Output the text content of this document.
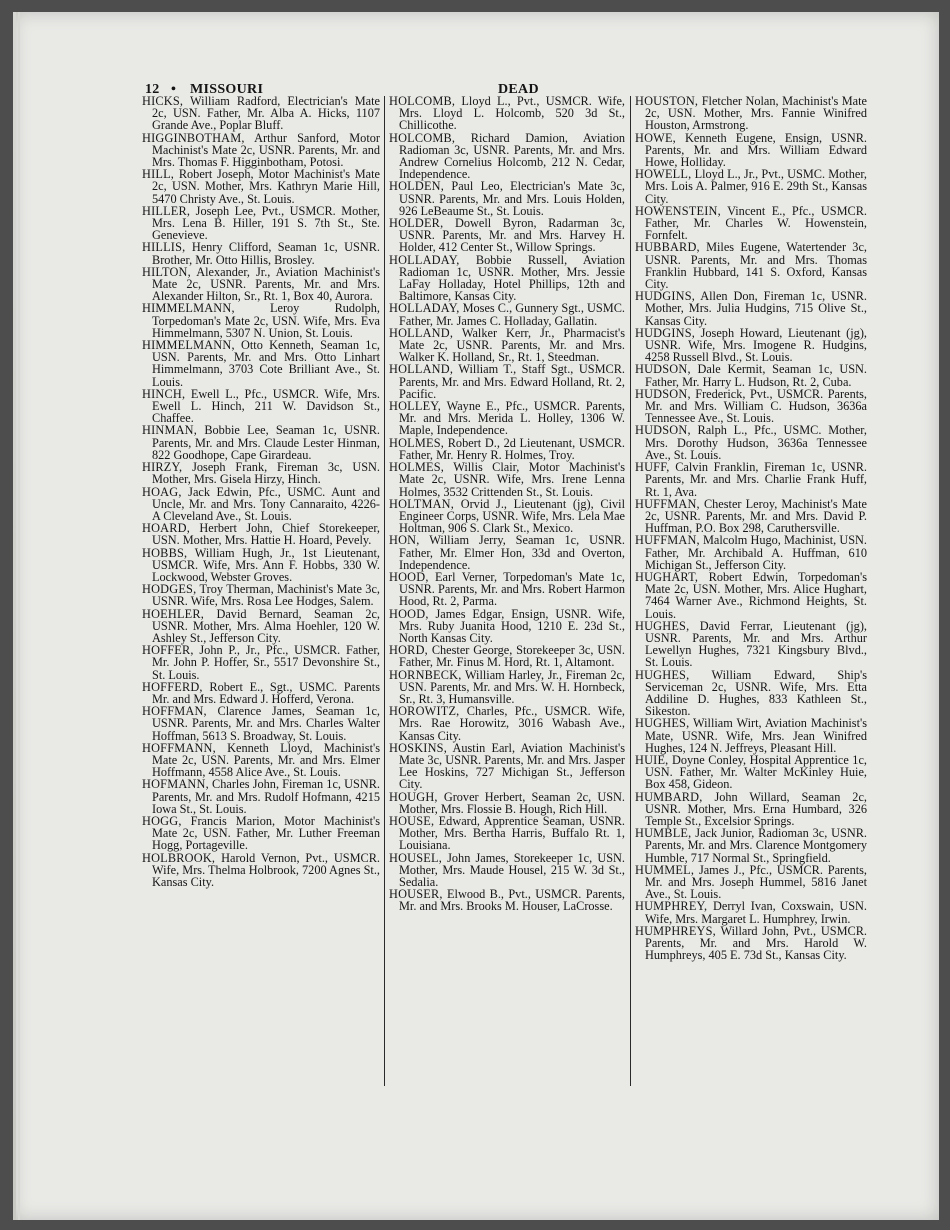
12 • MISSOURI	DEAD

HICKS, William Radford, Electrician's Mate 2c, USN. Father, Mr. Alba A. Hicks, 1107 Grande Ave., Poplar Bluff.

HIGGINBOTHAM, Arthur Sanford, Motor Machinist's Mate 2c, USNR. Parents, Mr. and Mrs. Thomas F. Higginbotham, Potosi.

HILL, Robert Joseph, Motor Machinist's Mate 2c, USN. Mother, Mrs. Kathryn Marie Hill, 5470 Christy Ave., St. Louis.

HILLER, Joseph Lee, Pvt., USMCR. Mother, Mrs. Lena B. Hiller, 191 S. 7th St., Ste. Genevieve.

HILLIS, Henry Clifford, Seaman 1c, USNR. Brother, Mr. Otto Hillis, Brosley.

HILTON, Alexander, Jr., Aviation Machinist's Mate 2c, USNR. Parents, Mr. and Mrs. Alexander Hilton, Sr., Rt. 1, Box 40, Aurora.

HIMMELMANN,	Leroy Rudolph, Torpedoman's Mate 2c, USN. Wife, Mrs. Eva Himmelmann, 5307 N. Union, St. Louis.

HIMMELMANN, Otto Kenneth, Seaman 1c, USN. Parents, Mr. and Mrs. Otto Linhart Himmelmann, 3703 Cote Brilliant Ave., St. Louis.

HINCH, Ewell L., Pfc., USMCR. Wife, Mrs. Ewell L. Hinch, 211 W. Davidson St., Chaffee.

HINMAN, Bobbie Lee, Seaman 1c, USNR. Parents, Mr. and Mrs. Claude Lester Hinman, 822 Goodhope, Cape Girardeau.

HIRZY, Joseph Frank, Fireman 3c, USN. Mother, Mrs. Gisela Hirzy, Hinch.

HOAG, Jack Edwin, Pfc., USMC. Aunt and Uncle, Mr. and Mrs. Tony Cannaraito, 4226-A Cleveland Ave., St. Louis.

HOARD, Herbert John, Chief Storekeeper, USN. Mother, Mrs. Hattie H. Hoard, Pevely.

HOBBS, William Hugh, Jr., 1st Lieutenant, USMCR. Wife, Mrs. Ann F. Hobbs, 330 W. Lockwood, Webster Groves.

HODGES, Troy Therman, Machinist's Mate 3c, USNR. Wife, Mrs. Rosa Lee Hodges, Salem.

HOEHLER, David Bernard, Seaman 2c, USNR. Mother, Mrs. Alma Hoehler, 120 W. Ashley St., Jefferson City.

HOFFER, John P., Jr., Pfc., USMCR. Father, Mr. John P. Hoffer, Sr., 5517 Devonshire St., St. Louis.

HOFFERD, Robert E., Sgt., USMC. Parents Mr. and Mrs. Edward J. Hofferd, Verona.

HOFFMAN, Clarence James, Seaman 1c, USNR. Parents, Mr. and Mrs. Charles Walter Hoffman, 5613 S. Broadway, St. Louis.

HOFFMANN, Kenneth Lloyd, Machinist's Mate 2c, USN. Parents, Mr. and Mrs. Elmer Hoffmann, 4558 Alice Ave., St. Louis.

HOFMANN, Charles John, Fireman 1c, USNR. Parents, Mr. and Mrs. Rudolf Hofmann, 4215 Iowa St., St. Louis.

HOGG, Francis Marion, Motor Machinist's Mate 2c, USN. Father, Mr. Luther Freeman Hogg, Portageville.

HOLBROOK, Harold Vernon, Pvt., USMCR. Wife, Mrs. Thelma Holbrook, 7200 Agnes St., Kansas City.

HOLCOMB, Lloyd L., Pvt., USMCR. Wife, Mrs. Lloyd L. Holcomb, 520 3d St., Chillicothe.

HOLCOMB, Richard Damion, Aviation Radioman 3c, USNR. Parents, Mr. and Mrs. Andrew Cornelius Holcomb, 212 N. Cedar, Independence.

HOLDEN, Paul Leo, Electrician's Mate 3c, USNR. Parents, Mr. and Mrs. Louis Holden, 926 LeBeaume St., St. Louis.

HOLDER, Dowell Byron, Radarman 3c, USNR. Parents, Mr. and Mrs. Harvey H. Holder, 412 Center St., Willow Springs.

HOLLADAY, Bobbie Russell, Aviation Radioman 1c, USNR. Mother, Mrs. Jessie LaFay Holladay, Hotel Phillips, 12th and Baltimore, Kansas City.

HOLLADAY, Moses C., Gunnery Sgt., USMC. Father, Mr. James C. Holladay, Gallatin.

HOLLAND, Walker Kerr, Jr., Pharmacist's Mate 2c, USNR. Parents, Mr. and Mrs. Walker K. Holland, Sr., Rt. 1, Steedman.

HOLLAND, William T., Staff Sgt., USMCR. Parents, Mr. and Mrs. Edward Holland, Rt. 2, Pacific.

HOLLEY, Wayne E., Pfc., USMCR. Parents, Mr. and Mrs. Merida L. Holley, 1306 W. Maple, Independence.

HOLMES, Robert D., 2d Lieutenant, USMCR. Father, Mr. Henry R. Holmes, Troy.

HOLMES, Willis Clair, Motor Machinist's Mate 2c, USNR. Wife, Mrs. Irene Lenna Holmes, 3532 Crittenden St., St. Louis.

HOLTMAN, Orvid J., Lieutenant (jg), Civil Engineer Corps, USNR. Wife, Mrs. Lela Mae Holtman, 906 S. Clark St., Mexico.

HON, William Jerry, Seaman 1c, USNR. Father, Mr. Elmer Hon, 33d and Overton, Independence.

HOOD, Earl Verner, Torpedoman's Mate 1c, USNR. Parents, Mr. and Mrs. Robert Harmon Hood, Rt. 2, Parma.

HOOD, James Edgar, Ensign, USNR. Wife, Mrs. Ruby Juanita Hood, 1210 E. 23d St., North Kansas City.

HORD, Chester George, Storekeeper 3c, USN. Father, Mr. Finus M. Hord, Rt. 1, Altamont.

HORNBECK, William Harley, Jr., Fireman 2c, USN. Parents, Mr. and Mrs. W. H. Hornbeck, Sr., Rt. 3, Humansville.

HOROWITZ, Charles, Pfc., USMCR. Wife, Mrs. Rae Horowitz, 3016 Wabash Ave., Kansas City.

HOSKINS, Austin Earl, Aviation Machinist's Mate 3c, USNR. Parents, Mr. and Mrs. Jasper Lee Hoskins, 727 Michigan St., Jefferson City.

HOUGH, Grover Herbert, Seaman 2c, USN. Mother, Mrs. Flossie B. Hough, Rich Hill.

HOUSE, Edward, Apprentice Seaman, USNR. Mother, Mrs. Bertha Harris, Buffalo Rt. 1, Louisiana.

HOUSEL, John James, Storekeeper 1c, USN. Mother, Mrs. Maude Housel, 215 W. 3d St., Sedalia.

HOUSER, Elwood B., Pvt., USMCR. Parents, Mr. and Mrs. Brooks M. Houser, LaCrosse.

HOUSTON, Fletcher Nolan, Machinist's Mate 2c, USN. Mother, Mrs. Fannie Winifred Houston, Armstrong.

HOWE, Kenneth Eugene, Ensign, USNR. Parents, Mr. and Mrs. William Edward Howe, Holliday.

HOWELL, Lloyd L., Jr., Pvt., USMC. Mother, Mrs. Lois A. Palmer, 916 E. 29th St., Kansas City.

HOWENSTEIN, Vincent E., Pfc., USMCR. Father, Mr. Charles W. Howenstein, Fornfelt.

HUBBARD, Miles Eugene, Watertender 3c, USNR. Parents, Mr. and Mrs. Thomas Franklin Hubbard, 141 S. Oxford, Kansas City.

HUDGINS, Allen Don, Fireman 1c, USNR. Mother, Mrs. Julia Hudgins, 715 Olive St., Kansas City.

HUDGINS, Joseph Howard, Lieutenant (jg), USNR. Wife, Mrs. Imogene R. Hudgins, 4258 Russell Blvd., St. Louis.

HUDSON, Dale Kermit, Seaman 1c, USN. Father, Mr. Harry L. Hudson, Rt. 2, Cuba.

HUDSON, Frederick, Pvt., USMCR. Parents, Mr. and Mrs. William C. Hudson, 3636a Tennessee Ave., St. Louis.

HUDSON, Ralph L., Pfc., USMC. Mother, Mrs. Dorothy Hudson, 3636a Tennessee Ave., St. Louis.

HUFF, Calvin Franklin, Fireman 1c, USNR. Parents, Mr. and Mrs. Charlie Frank Huff, Rt. 1, Ava.

HUFFMAN, Chester Leroy, Machinist's Mate 2c, USNR. Parents, Mr. and Mrs. David P. Huffman, P.O. Box 298, Caruthersville.

HUFFMAN, Malcolm Hugo, Machinist, USN. Father, Mr. Archibald A. Huffman, 610 Michigan St., Jefferson City.

HUGHART, Robert Edwin, Torpedoman's Mate 2c, USN. Mother, Mrs. Alice Hughart, 7464 Warner Ave., Richmond Heights, St. Louis.

HUGHES, David Ferrar, Lieutenant (jg), USNR. Parents, Mr. and Mrs. Arthur Lewellyn Hughes, 7321 Kingsbury Blvd., St. Louis.

HUGHES, William Edward, Ship's Serviceman 2c, USNR. Wife, Mrs. Etta Addiline D. Hughes, 833 Kathleen St., Sikeston.

HUGHES, William Wirt, Aviation Machinist's Mate, USNR. Wife, Mrs. Jean Winifred Hughes, 124 N. Jeffreys, Pleasant Hill.

HUIE, Doyne Conley, Hospital Apprentice 1c, USN. Father, Mr. Walter McKinley Huie, Box 458, Gideon.

HUMBARD, John Willard, Seaman 2c, USNR. Mother, Mrs. Erna Humbard, 326 Temple St., Excelsior Springs.

HUMBLE, Jack Junior, Radioman 3c, USNR. Parents, Mr. and Mrs. Clarence Montgomery Humble, 717 Normal St., Springfield.

HUMMEL, James J., Pfc., USMCR. Parents, Mr. and Mrs. Joseph Hummel, 5816 Janet Ave., St. Louis.

HUMPHREY, Derryl Ivan, Coxswain, USN. Wife, Mrs. Margaret L. Humphrey, Irwin.

HUMPHREYS, Willard John, Pvt., USMCR. Parents, Mr. and Mrs. Harold W. Humphreys, 405 E. 73d St., Kansas City.
